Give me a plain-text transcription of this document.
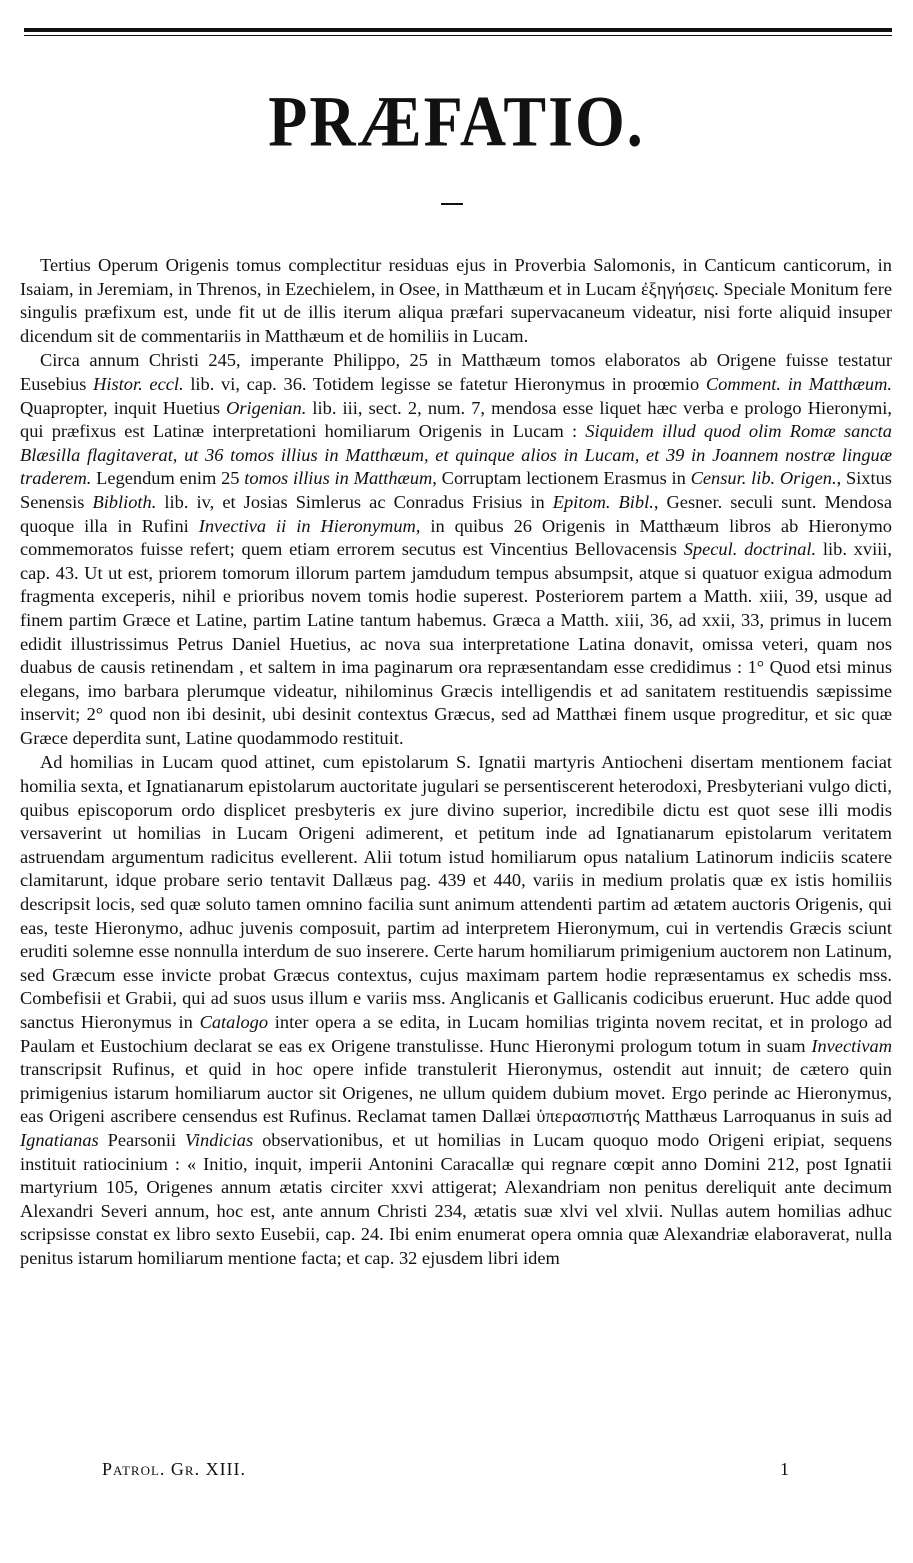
PRÆFATIO.

Tertius Operum Origenis tomus complectitur residuas ejus in Proverbia Salomonis, in Canticum canticorum, in Isaiam, in Jeremiam, in Threnos, in Ezechielem, in Osee, in Matthæum et in Lucam ἐξηγήσεις. Speciale Monitum fere singulis præfixum est, unde fit ut de illis iterum aliqua præfari supervacaneum videatur, nisi forte aliquid insuper dicendum sit de commentariis in Matthæum et de homiliis in Lucam.

Circa annum Christi 245, imperante Philippo, 25 in Matthæum tomos elaboratos ab Origene fuisse testatur Eusebius Histor. eccl. lib. vi, cap. 36. Totidem legisse se fatetur Hieronymus in proœmio Comment. in Matthæum. Quapropter, inquit Huetius Origenian. lib. iii, sect. 2, num. 7, mendosa esse liquet hæc verba e prologo Hieronymi, qui præfixus est Latinæ interpretationi homiliarum Origenis in Lucam : Siquidem illud quod olim Romæ sancta Blæsilla flagitaverat, ut 36 tomos illius in Matthæum, et quinque alios in Lucam, et 39 in Joannem nostræ linguæ traderem. Legendum enim 25 tomos illius in Matthæum, Corruptam lectionem Erasmus in Censur. lib. Origen., Sixtus Senensis Biblioth. lib. iv, et Josias Simlerus ac Conradus Frisius in Epitom. Bibl., Gesner. seculi sunt. Mendosa quoque illa in Rufini Invectiva ii in Hieronymum, in quibus 26 Origenis in Matthæum libros ab Hieronymo commemoratos fuisse refert; quem etiam errorem secutus est Vincentius Bellovacensis Specul. doctrinal. lib. xviii, cap. 43. Ut ut est, priorem tomorum illorum partem jamdudum tempus absumpsit, atque si quatuor exigua admodum fragmenta exceperis, nihil e prioribus novem tomis hodie superest. Posteriorem partem a Matth. xiii, 39, usque ad finem partim Græce et Latine, partim Latine tantum habemus. Græca a Matth. xiii, 36, ad xxii, 33, primus in lucem edidit illustrissimus Petrus Daniel Huetius, ac nova sua interpretatione Latina donavit, omissa veteri, quam nos duabus de causis retinendam , et saltem in ima paginarum ora repræsentandam esse credidimus : 1° Quod etsi minus elegans, imo barbara plerumque videatur, nihilominus Græcis intelligendis et ad sanitatem restituendis sæpissime inservit; 2° quod non ibi desinit, ubi desinit contextus Græcus, sed ad Matthæi finem usque progreditur, et sic quæ Græce deperdita sunt, Latine quodammodo restituit.

Ad homilias in Lucam quod attinet, cum epistolarum S. Ignatii martyris Antiocheni disertam mentionem faciat homilia sexta, et Ignatianarum epistolarum auctoritate jugulari se persentiscerent heterodoxi, Presbyteriani vulgo dicti, quibus episcoporum ordo displicet presbyteris ex jure divino superior, incredibile dictu est quot sese illi modis versaverint ut homilias in Lucam Origeni adimerent, et petitum inde ad Ignatianarum epistolarum veritatem astruendam argumentum radicitus evellerent. Alii totum istud homiliarum opus natalium Latinorum indiciis scatere clamitarunt, idque probare serio tentavit Dallæus pag. 439 et 440, variis in medium prolatis quæ ex istis homiliis descripsit locis, sed quæ soluto tamen omnino facilia sunt animum attendenti partim ad ætatem auctoris Origenis, qui eas, teste Hieronymo, adhuc juvenis composuit, partim ad interpretem Hieronymum, cui in vertendis Græcis sciunt eruditi solemne esse nonnulla interdum de suo inserere. Certe harum homiliarum primigenium auctorem non Latinum, sed Græcum esse invicte probat Græcus contextus, cujus maximam partem hodie repræsentamus ex schedis mss. Combefisii et Grabii, qui ad suos usus illum e variis mss. Anglicanis et Gallicanis codicibus eruerunt. Huc adde quod sanctus Hieronymus in Catalogo inter opera a se edita, in Lucam homilias triginta novem recitat, et in prologo ad Paulam et Eustochium declarat se eas ex Origene transtulisse. Hunc Hieronymi prologum totum in suam Invectivam transcripsit Rufinus, et quid in hoc opere infide transtulerit Hieronymus, ostendit aut innuit; de cætero quin primigenius istarum homiliarum auctor sit Origenes, ne ullum quidem dubium movet. Ergo perinde ac Hieronymus, eas Origeni ascribere censendus est Rufinus. Reclamat tamen Dallæi ὑπερασπιστής Matthæus Larroquanus in suis ad Ignatianas Pearsonii Vindicias observationibus, et ut homilias in Lucam quoquo modo Origeni eripiat, sequens instituit ratiocinium : « Initio, inquit, imperii Antonini Caracallæ qui regnare cœpit anno Domini 212, post Ignatii martyrium 105, Origenes annum ætatis circiter xxvi attigerat; Alexandriam non penitus dereliquit ante decimum Alexandri Severi annum, hoc est, ante annum Christi 234, ætatis suæ xlvi vel xlvii. Nullas autem homilias adhuc scripsisse constat ex libro sexto Eusebii, cap. 24. Ibi enim enumerat opera omnia quæ Alexandriæ elaboraverat, nulla penitus istarum homiliarum mentione facta; et cap. 32 ejusdem libri idem

Patrol. Gr. XIII.	1
